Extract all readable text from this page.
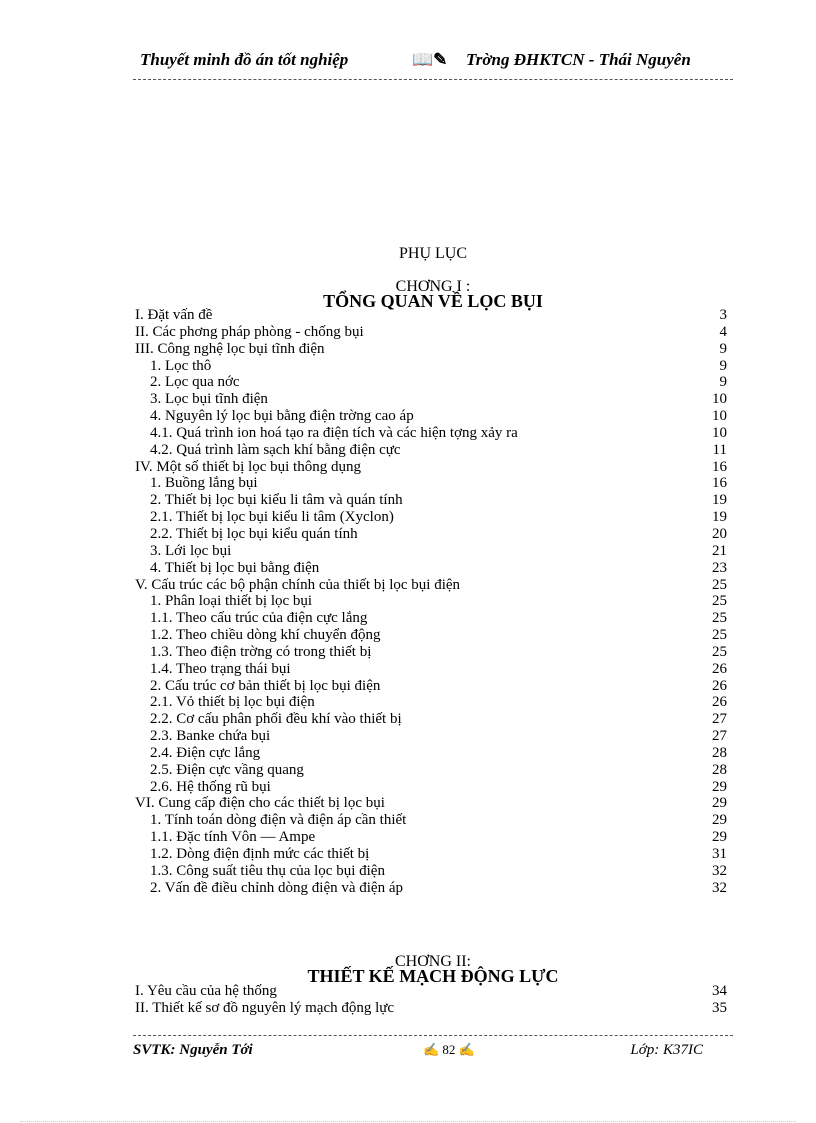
Thuyết minh đồ án tốt nghiệp	📖✎ Trờng ĐHKTCN - Thái Nguyên
PHỤ LỤC
CHƠNG I :
TỔNG QUAN VỀ LỌC BỤI
I. Đặt vấn đề	3
II. Các phơng pháp phòng - chống bụi	4
III. Công nghệ lọc bụi tĩnh điện	9
1. Lọc thô	9
2. Lọc qua nớc	9
3. Lọc bụi tĩnh điện	10
4. Nguyên lý lọc bụi bằng điện trờng cao áp	10
4.1. Quá trình ion hoá tạo ra điện tích và các hiện tợng xảy ra	10
4.2. Quá trình làm sạch khí bằng điện cực	11
IV. Một số thiết bị lọc bụi thông dụng	16
1. Buồng lắng bụi	16
2. Thiết bị lọc bụi kiểu li tâm và quán tính	19
2.1. Thiết bị lọc bụi kiểu li tâm (Xyclon)	19
2.2. Thiết bị lọc bụi kiểu quán tính	20
3. Lới lọc bụi	21
4. Thiết bị lọc bụi bằng điện	23
V. Cấu trúc các bộ phận chính của thiết bị lọc bụi điện	25
1. Phân loại thiết bị lọc bụi	25
1.1. Theo cấu trúc của điện cực lắng	25
1.2. Theo chiều dòng khí chuyển động	25
1.3. Theo điện trờng có trong thiết bị	25
1.4. Theo trạng thái bụi	26
2. Cấu trúc cơ bản thiết bị lọc bụi điện	26
2.1. Vỏ thiết bị lọc bụi điện	26
2.2. Cơ cấu phân phối đều khí vào thiết bị	27
2.3. Banke chứa bụi	27
2.4. Điện cực lắng	28
2.5. Điện cực vầng quang	28
2.6. Hệ thống rũ bụi	29
VI. Cung cấp điện cho các thiết bị lọc bụi	29
1. Tính toán dòng điện và điện áp cần thiết	29
1.1. Đặc tính Vôn — Ampe	29
1.2. Dòng điện định mức các thiết bị	31
1.3. Công suất tiêu thụ của lọc bụi điện	32
2. Vấn đề điều chỉnh dòng điện và điện áp	32
CHƠNG II:
THIẾT KẾ MẠCH ĐỘNG LỰC
I. Yêu cầu của hệ thống	34
II. Thiết kế sơ đồ nguyên lý mạch động lực	35
SVTK: Nguyễn Tới	✍ 82 ✍	Lớp: K37IC
